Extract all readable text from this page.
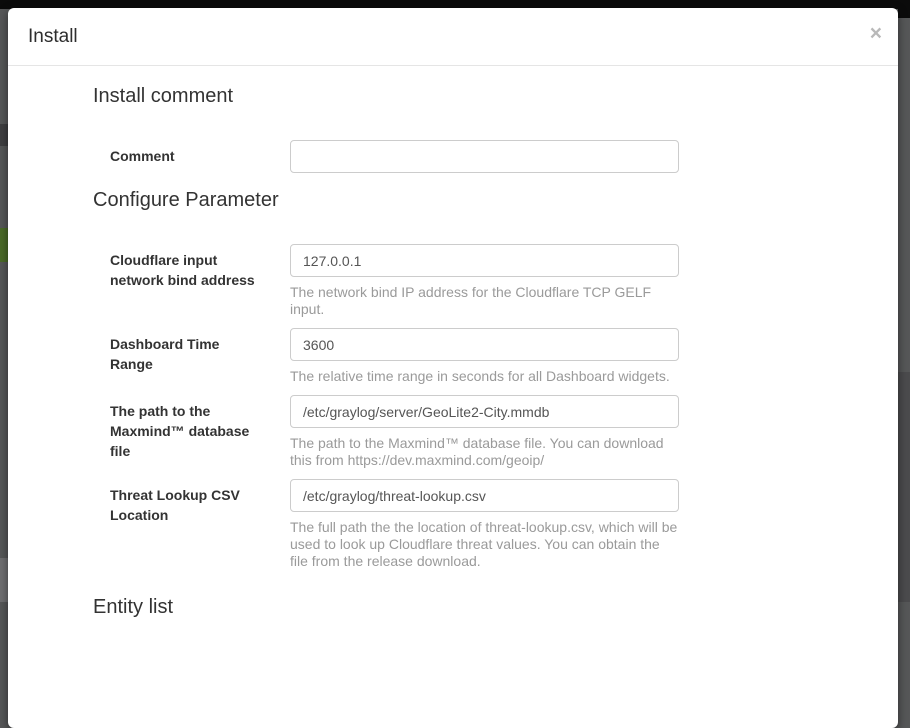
Install	×
Install comment
Comment
Configure Parameter
Cloudflare input network bind address
127.0.0.1
The network bind IP address for the Cloudflare TCP GELF input.
Dashboard Time Range
3600
The relative time range in seconds for all Dashboard widgets.
The path to the Maxmind™ database file
/etc/graylog/server/GeoLite2-City.mmdb	The path to the Maxmind™ database file. You can download this from https://dev.maxmind.com/geoip/
Threat Lookup CSV Location
/etc/graylog/threat-lookup.csv
The full path the the location of threat-lookup.csv, which will be used to look up Cloudflare threat values. You can obtain the file from the release download.
Entity list
